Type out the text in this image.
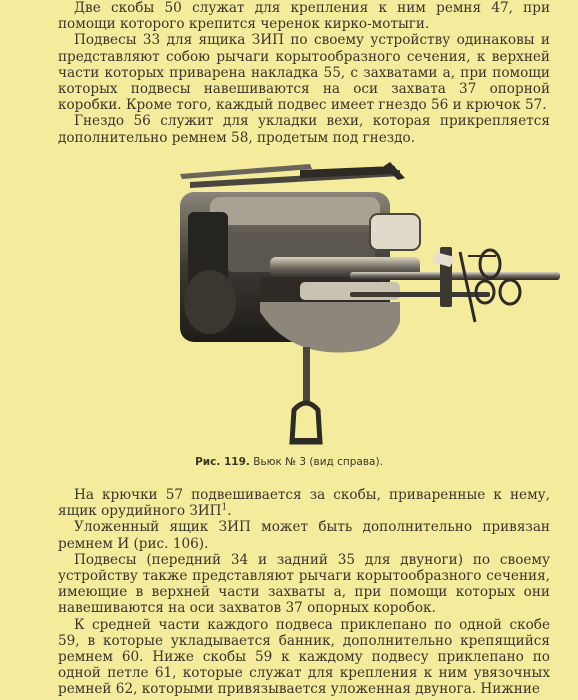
Две скобы 50 служат для крепления к ним ремня 47, при помощи которого крепится черенок кирко-мотыги.

Подвесы 33 для ящика ЗИП по своему устройству одинаковы и представляют собою рычаги корытообразного сечения, к верхней части которых приварена накладка 55, с захватами а, при помощи которых подвесы навешиваются на оси захвата 37 опорной коробки. Кроме того, каждый подвес имеет гнездо 56 и крючок 57.

Гнездо 56 служит для укладки вехи, которая прикрепляется дополнительно ремнем 58, продетым под гнездо.

Рис. 119. Вьюк № 3 (вид справа).

На крючки 57 подвешивается за скобы, приваренные к нему, ящик орудийного ЗИП$^1$.

Уложенный ящик ЗИП может быть дополнительно привязан ремнем И (рис. 106).

Подвесы (передний 34 и задний 35 для двуноги) по своему устройству также представляют рычаги корытообразного сечения, имеющие в верхней части захваты а, при помощи которых они навешиваются на оси захватов 37 опорных коробок.

К средней части каждого подвеса приклепано по одной скобе 59, в которые укладывается банник, дополнительно крепящийся ремнем 60. Ниже скобы 59 к каждому подвесу приклепано по одной петле 61, которые служат для крепления к ним увязочных ремней 62, которыми привязывается уложенная двунога. Нижние
